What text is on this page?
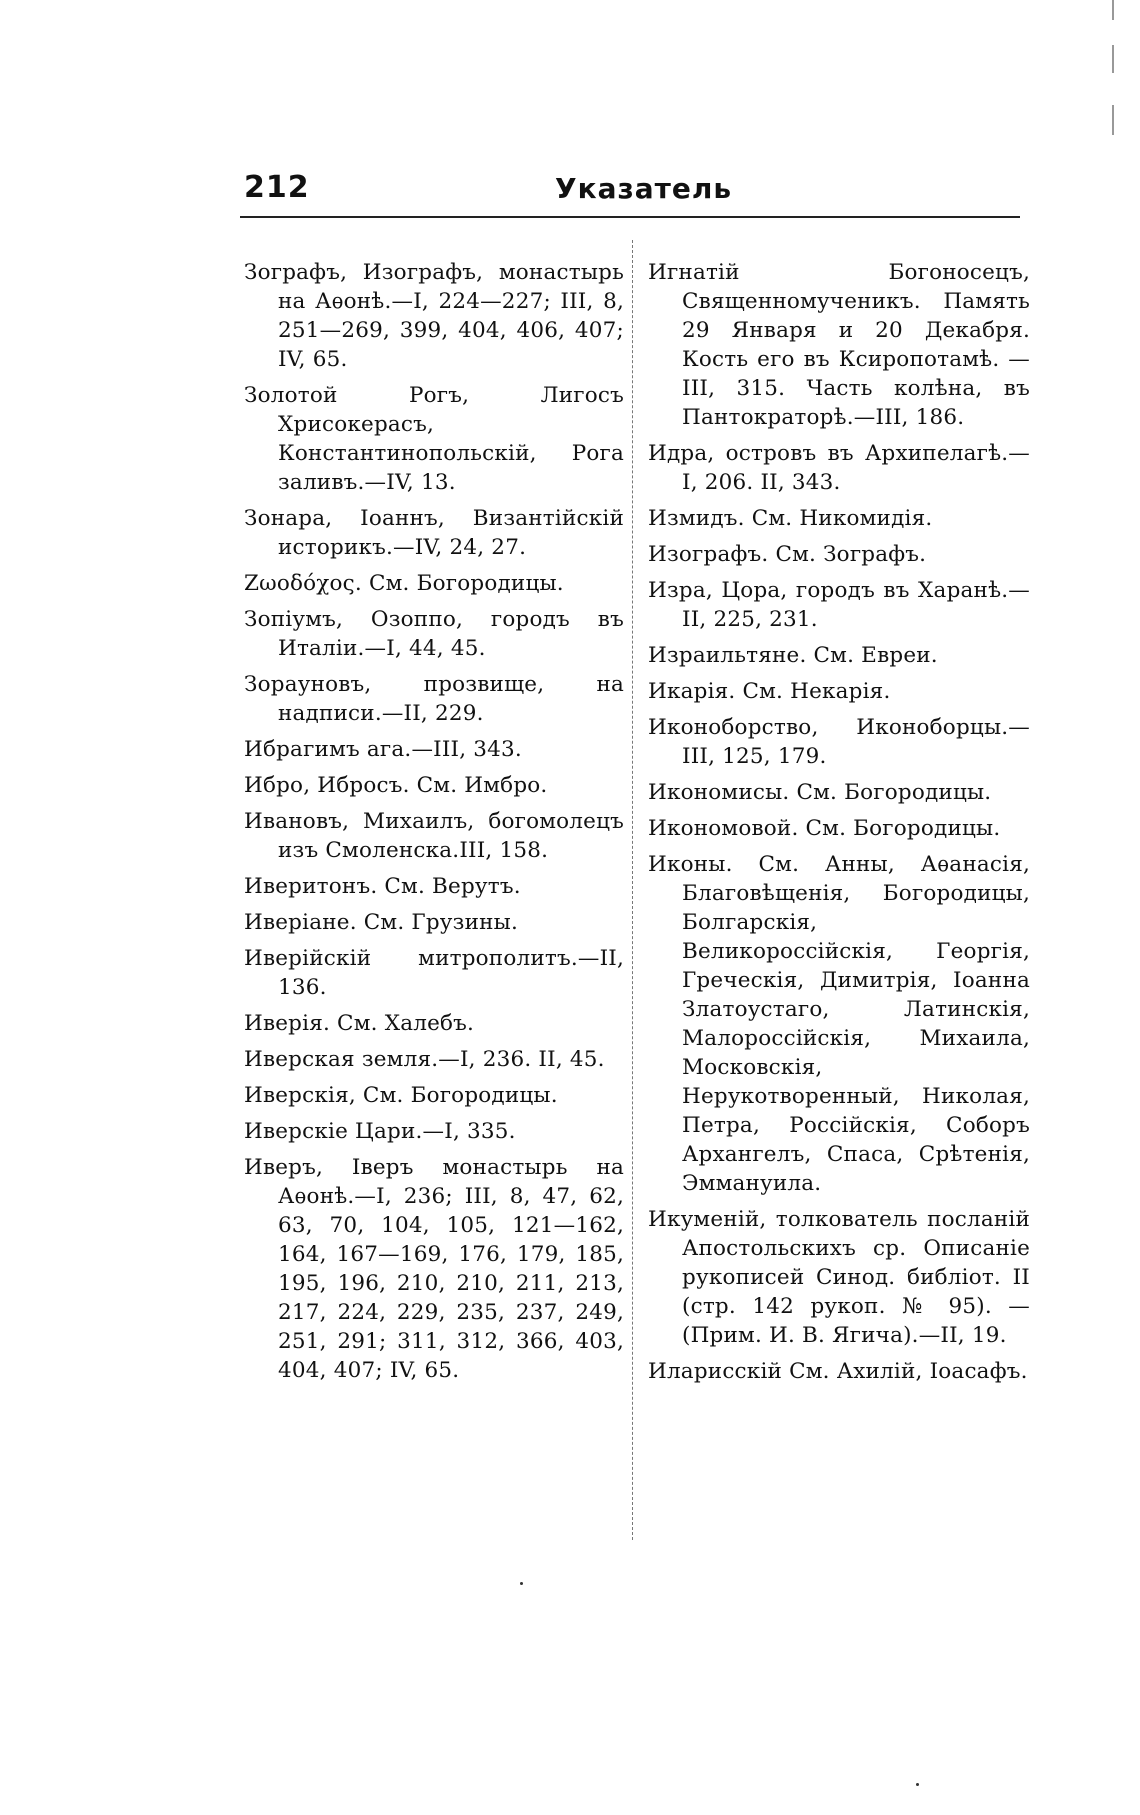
212	Указатель

Зографъ, Изографъ, монастырь на Аѳонѣ.—I, 224—227; III, 8, 251—269, 399, 404, 406, 407; IV, 65.

Золотой Рогъ, Лигосъ Хрисокерасъ, Константинопольскій, Рога заливъ.—IV, 13.

Зонара, Іоаннъ, Византійскій историкъ.—IV, 24, 27.

Ζωοδόχος. См. Богородицы.

Зопіумъ, Озоппо, городъ въ Италіи.—I, 44, 45.

Зорауновъ, прозвище, на надписи.—II, 229.

Ибрагимъ ага.—III, 343.

Ибро, Ибросъ. См. Имбро.

Ивановъ, Михаилъ, богомолецъ изъ Смоленска.III, 158.

Иверитонъ. См. Верутъ.

Иверіане. См. Грузины.

Иверійскій митрополитъ.—II, 136.

Иверія. См. Халебъ.

Иверская земля.—I, 236. II, 45.

Иверскія, См. Богородицы.

Иверскіе Цари.—I, 335.

Иверъ, Іверъ монастырь на Аѳонѣ.—I, 236; III, 8, 47, 62, 63, 70, 104, 105, 121—162, 164, 167—169, 176, 179, 185, 195, 196, 210, 210, 211, 213, 217, 224, 229, 235, 237, 249, 251, 291; 311, 312, 366, 403, 404, 407; IV, 65.

Игнатій Богоносецъ, Священномученикъ. Память 29 Января и 20 Декабря. Кость его въ Ксиропотамѣ. — III, 315. Часть колѣна, въ Пантократорѣ.—III, 186.

Идра, островъ въ Архипелагѣ.—I, 206. II, 343.

Измидъ. См. Никомидія.

Изографъ. См. Зографъ.

Изра, Цора, городъ въ Харанѣ.—II, 225, 231.

Израильтяне. См. Евреи.

Икарія. См. Некарія.

Иконоборство, Иконоборцы.—III, 125, 179.

Икономисы. См. Богородицы.

Икономовой. См. Богородицы.

Иконы. См. Анны, Аѳанасія, Благовѣщенія, Богородицы, Болгарскія, Великороссійскія, Георгія, Греческія, Димитрія, Іоанна Златоустаго, Латинскія, Малороссійскія, Михаила, Московскія, Нерукотворенный, Николая, Петра, Россійскія, Соборъ Архангелъ, Спаса, Срѣтенія, Эммануила.

Икуменій, толкователь посланій Апостольскихъ ср. Описаніе рукописей Синод. библіот. II (стр. 142 рукоп. № 95). — (Прим. И. В. Ягича).—II, 19.

Иларисскій См. Ахилій, Іоасафъ.
